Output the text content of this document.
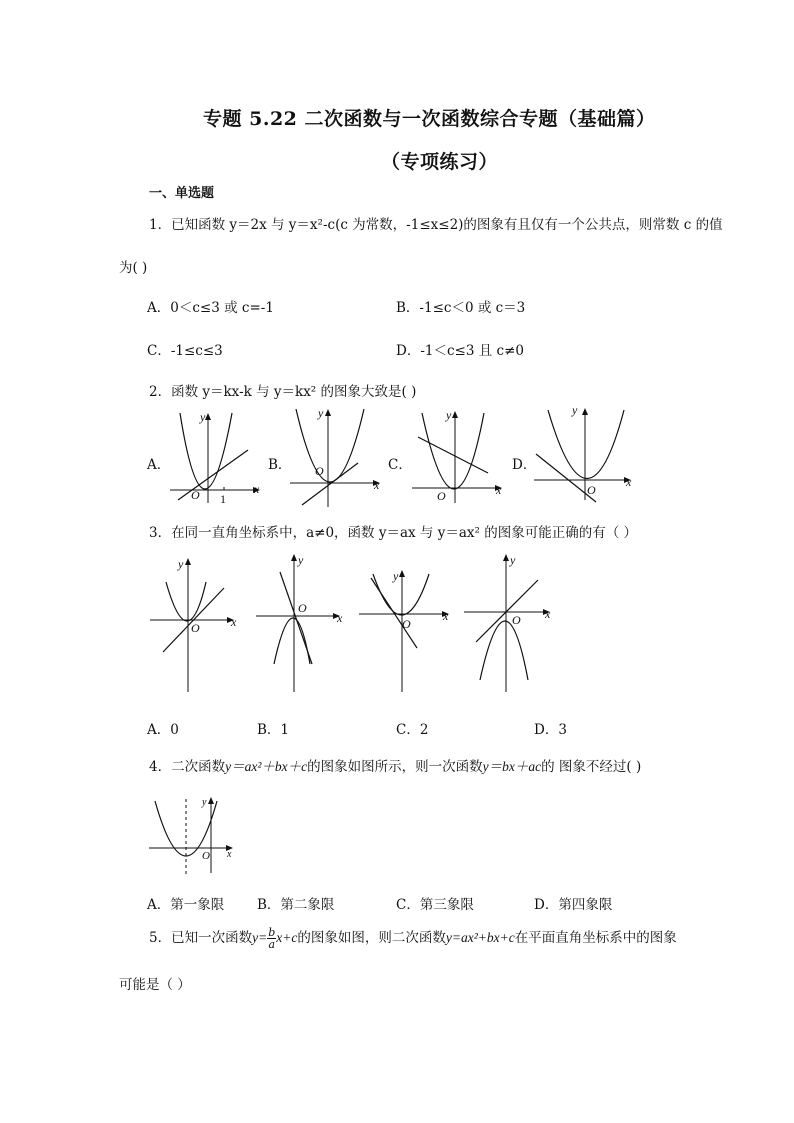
专题 5.22 二次函数与一次函数综合专题（基础篇）
（专项练习）
一、单选题
1．已知函数 y＝2x 与 y＝x²-c(c 为常数，-1≤x≤2)的图象有且仅有一个公共点，则常数 c 的值
为( )
A．0＜c≤3 或 c=-1	B．-1≤c＜0 或 c＝3
C．-1≤c≤3	D．-1＜c≤3 且 c≠0
2．函数 y＝kx-k 与 y＝kx² 的图象大致是( )
A．
x
y
O 1
B．
x
y
O	C．
x
y
O
D．
x
y
O
3．在同一直角坐标系中，a≠0，函数 y＝ax 与 y＝ax² 的图象可能正确的有（ ）
x
y
O
x
y
O
x
y
O
x
y
O
A．0	B．1	C．2	D．3
4．二次函数y＝ax²＋bx＋c的图象如图所示，则一次函数y＝bx＋ac的 图象不经过( )
x
y
O
A．第一象限 B．第二象限	C．第三象限	D．第四象限
5．已知一次函数$y= \frac{b}{a} x+c$的图象如图，则二次函数y=ax²+bx+c在平面直角坐标系中的图象
可能是（ ）
